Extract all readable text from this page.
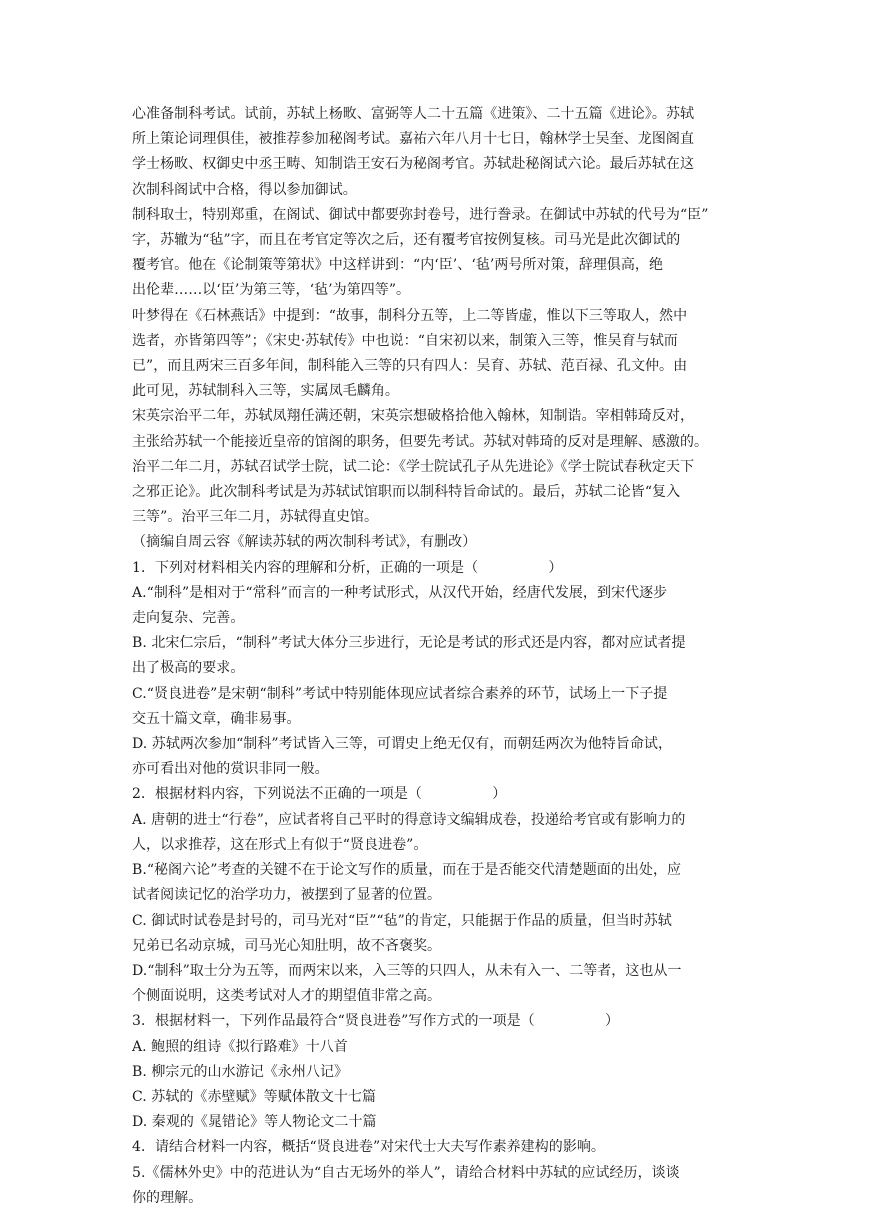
心准备制科考试。试前，苏轼上杨畋、富弼等人二十五篇《进策》、二十五篇《进论》。苏轼
所上策论词理俱佳，被推荐参加秘阁考试。嘉祐六年八月十七日，翰林学士吴奎、龙图阁直
学士杨畋、权御史中丞王畴、知制诰王安石为秘阁考官。苏轼赴秘阁试六论。最后苏轼在这
次制科阁试中合格，得以参加御试。
制科取士，特别郑重，在阁试、御试中都要弥封卷号，进行誊录。在御试中苏轼的代号为“臣”
字，苏辙为“毡”字，而且在考官定等次之后，还有覆考官按例复核。司马光是此次御试的
覆考官。他在《论制策等第状》中这样讲到：“内‘臣’、‘毡’两号所对策，辞理俱高，绝
出伦辈……以‘臣’为第三等，‘毡’为第四等”。
叶梦得在《石林燕话》中提到：“故事，制科分五等，上二等皆虚，惟以下三等取人，然中
选者，亦皆第四等”；《宋史·苏轼传》中也说：“自宋初以来，制策入三等，惟吴育与轼而
已”，而且两宋三百多年间，制科能入三等的只有四人：吴育、苏轼、范百禄、孔文仲。由
此可见，苏轼制科入三等，实属凤毛麟角。
宋英宗治平二年，苏轼凤翔任满还朝，宋英宗想破格拾他入翰林，知制诰。宰相韩琦反对，
主张给苏轼一个能接近皇帝的馆阁的职务，但要先考试。苏轼对韩琦的反对是理解、感激的。
治平二年二月，苏轼召试学士院，试二论：《学士院试孔子从先进论》《学士院试春秋定天下
之邪正论》。此次制科考试是为苏轼试馆职而以制科特旨命试的。最后，苏轼二论皆“复入
三等”。治平三年二月，苏轼得直史馆。
（摘编自周云容《解读苏轼的两次制科考试》，有删改）
1．下列对材料相关内容的理解和分析，正确的一项是（　　　　　）
A.“制科”是相对于“常科”而言的一种考试形式，从汉代开始，经唐代发展，到宋代逐步
走向复杂、完善。
B. 北宋仁宗后，“制科”考试大体分三步进行，无论是考试的形式还是内容，都对应试者提
出了极高的要求。
C.“贤良进卷”是宋朝“制科”考试中特别能体现应试者综合素养的环节，试场上一下子提
交五十篇文章，确非易事。
D. 苏轼两次参加“制科”考试皆入三等，可谓史上绝无仅有，而朝廷两次为他特旨命试，
亦可看出对他的赏识非同一般。
2．根据材料内容，下列说法不正确的一项是（　　　　　）
A. 唐朝的进士“行卷”，应试者将自己平时的得意诗文编辑成卷，投递给考官或有影响力的
人，以求推荐，这在形式上有似于“贤良进卷”。
B.“秘阁六论”考查的关键不在于论文写作的质量，而在于是否能交代清楚题面的出处，应
试者阅读记忆的治学功力，被摆到了显著的位置。
C. 御试时试卷是封号的，司马光对“臣”“毡”的肯定，只能据于作品的质量，但当时苏轼
兄弟已名动京城，司马光心知肚明，故不吝褒奖。
D.“制科”取士分为五等，而两宋以来，入三等的只四人，从未有入一、二等者，这也从一
个侧面说明，这类考试对人才的期望值非常之高。
3．根据材料一，下列作品最符合“贤良进卷”写作方式的一项是（　　　　　）
A. 鲍照的组诗《拟行路难》十八首
B. 柳宗元的山水游记《永州八记》
C. 苏轼的《赤壁赋》等赋体散文十七篇
D. 秦观的《晁错论》等人物论文二十篇
4．请结合材料一内容，概括“贤良进卷”对宋代士大夫写作素养建构的影响。
5.《儒林外史》中的范进认为“自古无场外的举人”，请给合材料中苏轼的应试经历，谈谈
你的理解。
